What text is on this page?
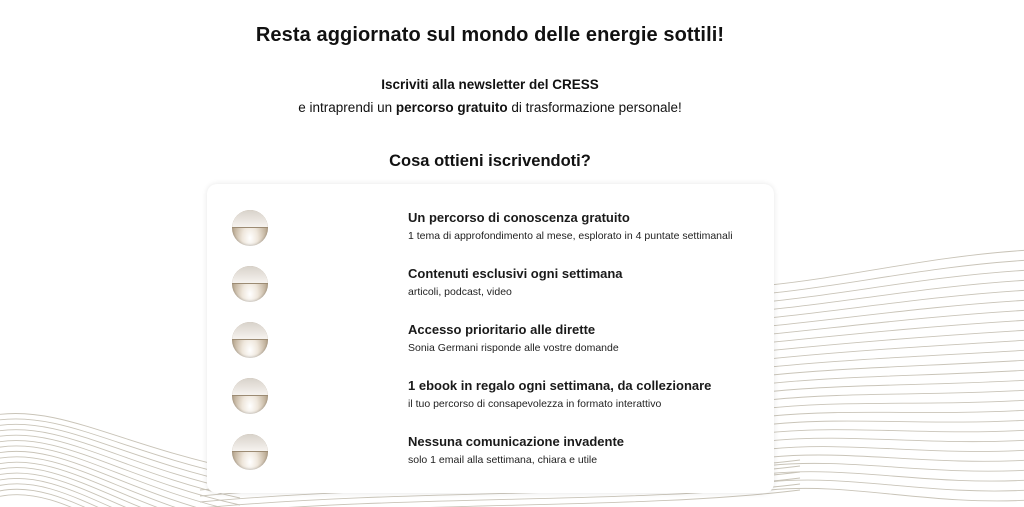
Resta aggiornato sul mondo delle energie sottili!
Iscriviti alla newsletter del CRESS
e intraprendi un percorso gratuito di trasformazione personale!
Cosa ottieni iscrivendoti?
Un percorso di conoscenza gratuito
1 tema di approfondimento al mese, esplorato in 4 puntate settimanali
Contenuti esclusivi ogni settimana
articoli, podcast, video
Accesso prioritario alle dirette
Sonia Germani risponde alle vostre domande
1 ebook in regalo ogni settimana, da collezionare
il tuo percorso di consapevolezza in formato interattivo
Nessuna comunicazione invadente
solo 1 email alla settimana, chiara e utile
